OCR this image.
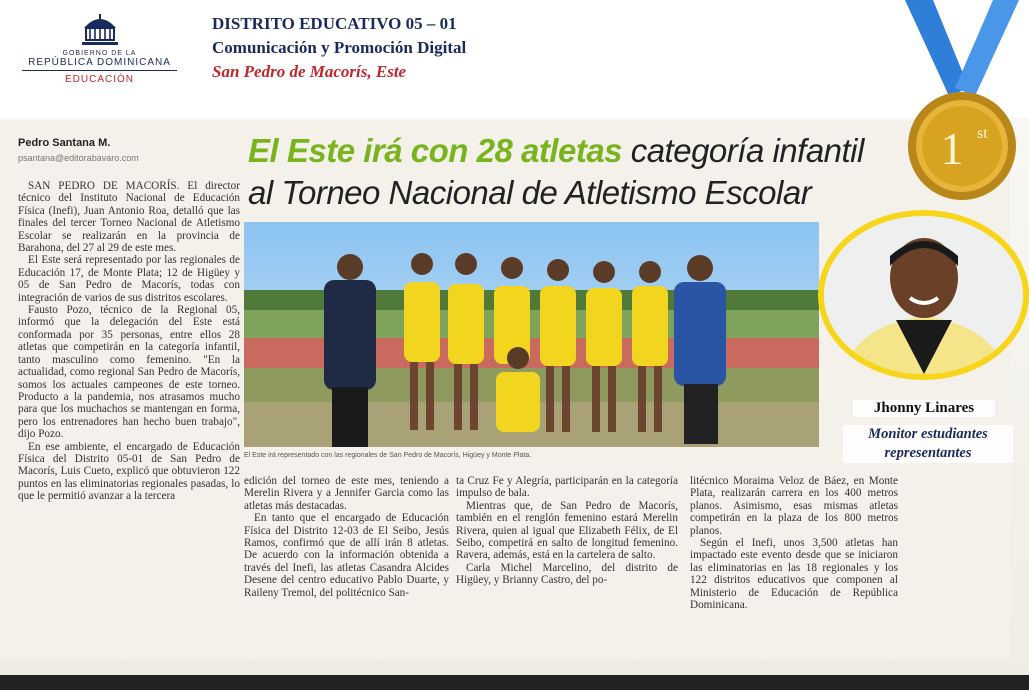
GOBIERNO DE LA
REPÚBLICA DOMINICANA
EDUCACIÓN
DISTRITO EDUCATIVO 05 – 01
Comunicación y Promoción Digital
San Pedro de Macorís, Este
Pedro Santana M.
psantana@editorabavaro.com	El Este irá con 28 atletas categoría infantil
al Torneo Nacional de Atletismo Escolar

SAN PEDRO DE MACORÍS. El director técnico del Instituto Nacional de Educación Física (Inefi), Juan Antonio Roa, detalló que las finales del tercer Torneo Nacional de Atletismo Escolar se realizarán en la provincia de Barahona, del 27 al 29 de este mes.

El Este será representado por las regionales de Educación 17, de Monte Plata; 12 de Higüey y 05 de San Pedro de Macorís, todas con integración de varios de sus distritos escolares.

Fausto Pozo, técnico de la Regional 05, informó que la delegación del Este está conformada por 35 personas, entre ellos 28 atletas que competirán en la categoría infantil, tanto masculino como femenino. "En la actualidad, como regional San Pedro de Macorís, somos los actuales campeones de este torneo. Producto a la pandemia, nos atrasamos mucho para que los muchachos se mantengan en forma, pero los entrenadores han hecho buen trabajo", dijo Pozo.

En ese ambiente, el encargado de Educación Física del Distrito 05-01 de San Pedro de Macorís, Luis Cueto, explicó que obtuvieron 122 puntos en las eliminatorias regionales pasadas, lo que le permitió avanzar a la tercera

El Este irá representado con las regionales de San Pedro de Macorís, Higüey y Monte Plata.

edición del torneo de este mes, teniendo a Merelin Rivera y a Jennifer Garcia como las atletas más destacadas.

En tanto que el encargado de Educación Física del Distrito 12-03 de El Seibo, Jesús Ramos, confirmó que de allí irán 8 atletas. De acuerdo con la información obtenida a través del Inefi, las atletas Casandra Alcides Desene del centro educativo Pablo Duarte, y Raileny Tremol, del politécnico San-

ta Cruz Fe y Alegría, participarán en la categoría impulso de bala.

Mientras que, de San Pedro de Macorís, también en el renglón femenino estará Merelin Rivera, quien al igual que Elizabeth Félix, de El Seibo, competirá en salto de longitud femenino. Ravera, además, está en la cartelera de salto.

Carla Michel Marcelino, del distrito de Higüey, y Brianny Castro, del po-

litécnico Moraima Veloz de Báez, en Monte Plata, realizarán carrera en los 400 metros planos. Asimismo, esas mismas atletas competirán en la plaza de los 800 metros planos.

Según el Inefi, unos 3,500 atletas han impactado este evento desde que se iniciaron las eliminatorias en las 18 regionales y los 122 distritos educativos que componen al Ministerio de Educación de República Dominicana.

1 st
Jhonny Linares
Monitor estudiantes
representantes
